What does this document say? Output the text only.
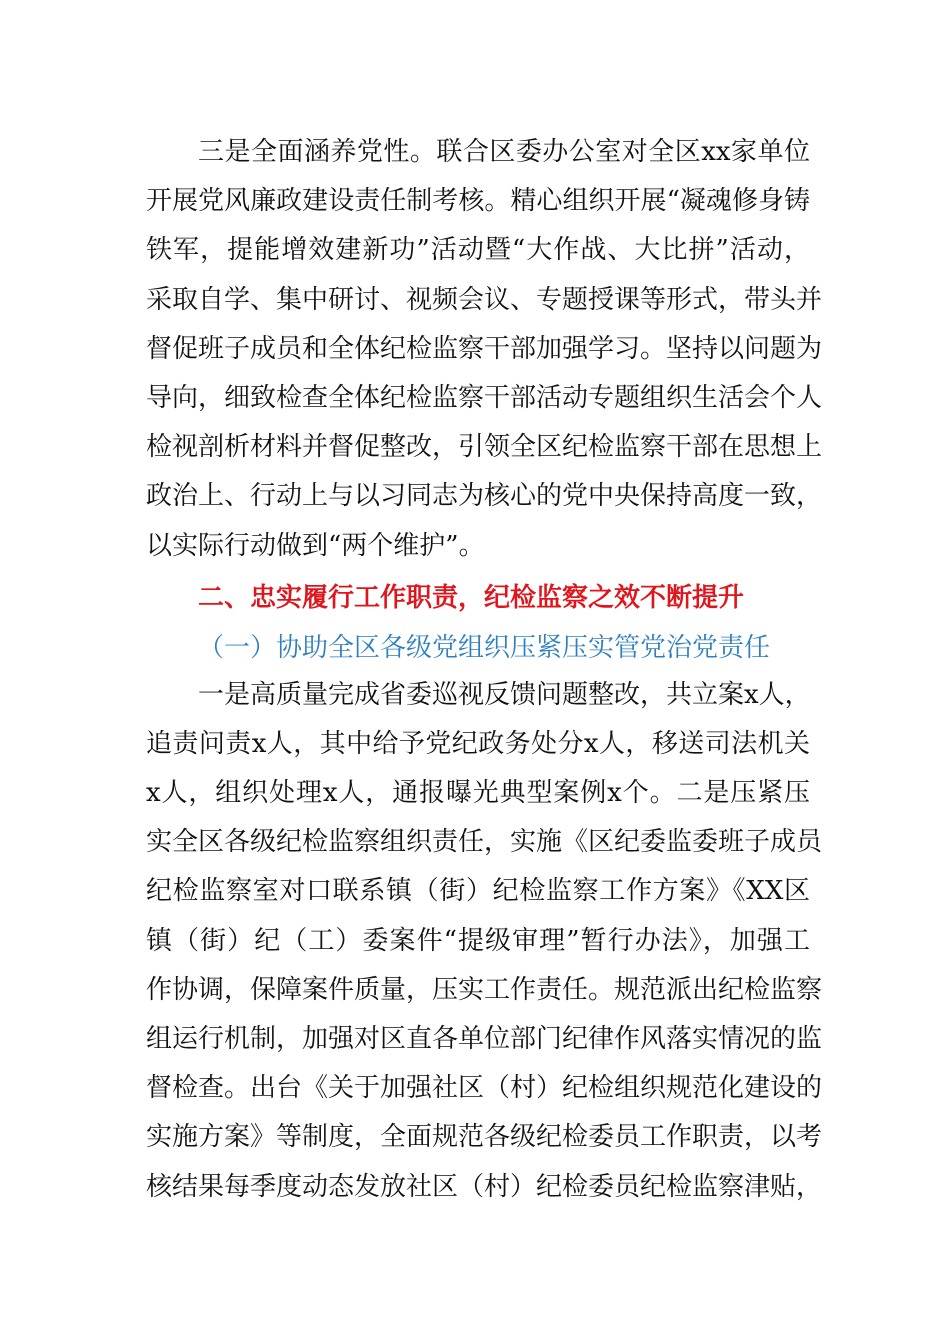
三是全面涵养党性。联合区委办公室对全区xx家单位
开展党风廉政建设责任制考核。精心组织开展“凝魂修身铸
铁军，提能增效建新功”活动暨“大作战、大比拼”活动，
采取自学、集中研讨、视频会议、专题授课等形式，带头并
督促班子成员和全体纪检监察干部加强学习。坚持以问题为
导向，细致检查全体纪检监察干部活动专题组织生活会个人
检视剖析材料并督促整改，引领全区纪检监察干部在思想上
政治上、行动上与以习同志为核心的党中央保持高度一致，
以实际行动做到“两个维护”。
二、忠实履行工作职责，纪检监察之效不断提升
（一）协助全区各级党组织压紧压实管党治党责任
一是高质量完成省委巡视反馈问题整改，共立案x人，
追责问责x人，其中给予党纪政务处分x人，移送司法机关
x人，组织处理x人，通报曝光典型案例x个。二是压紧压
实全区各级纪检监察组织责任，实施《区纪委监委班子成员
纪检监察室对口联系镇（街）纪检监察工作方案》《XX区
镇（街）纪（工）委案件“提级审理”暂行办法》，加强工
作协调，保障案件质量，压实工作责任。规范派出纪检监察
组运行机制，加强对区直各单位部门纪律作风落实情况的监
督检查。出台《关于加强社区（村）纪检组织规范化建设的
实施方案》等制度，全面规范各级纪检委员工作职责，以考
核结果每季度动态发放社区（村）纪检委员纪检监察津贴，
